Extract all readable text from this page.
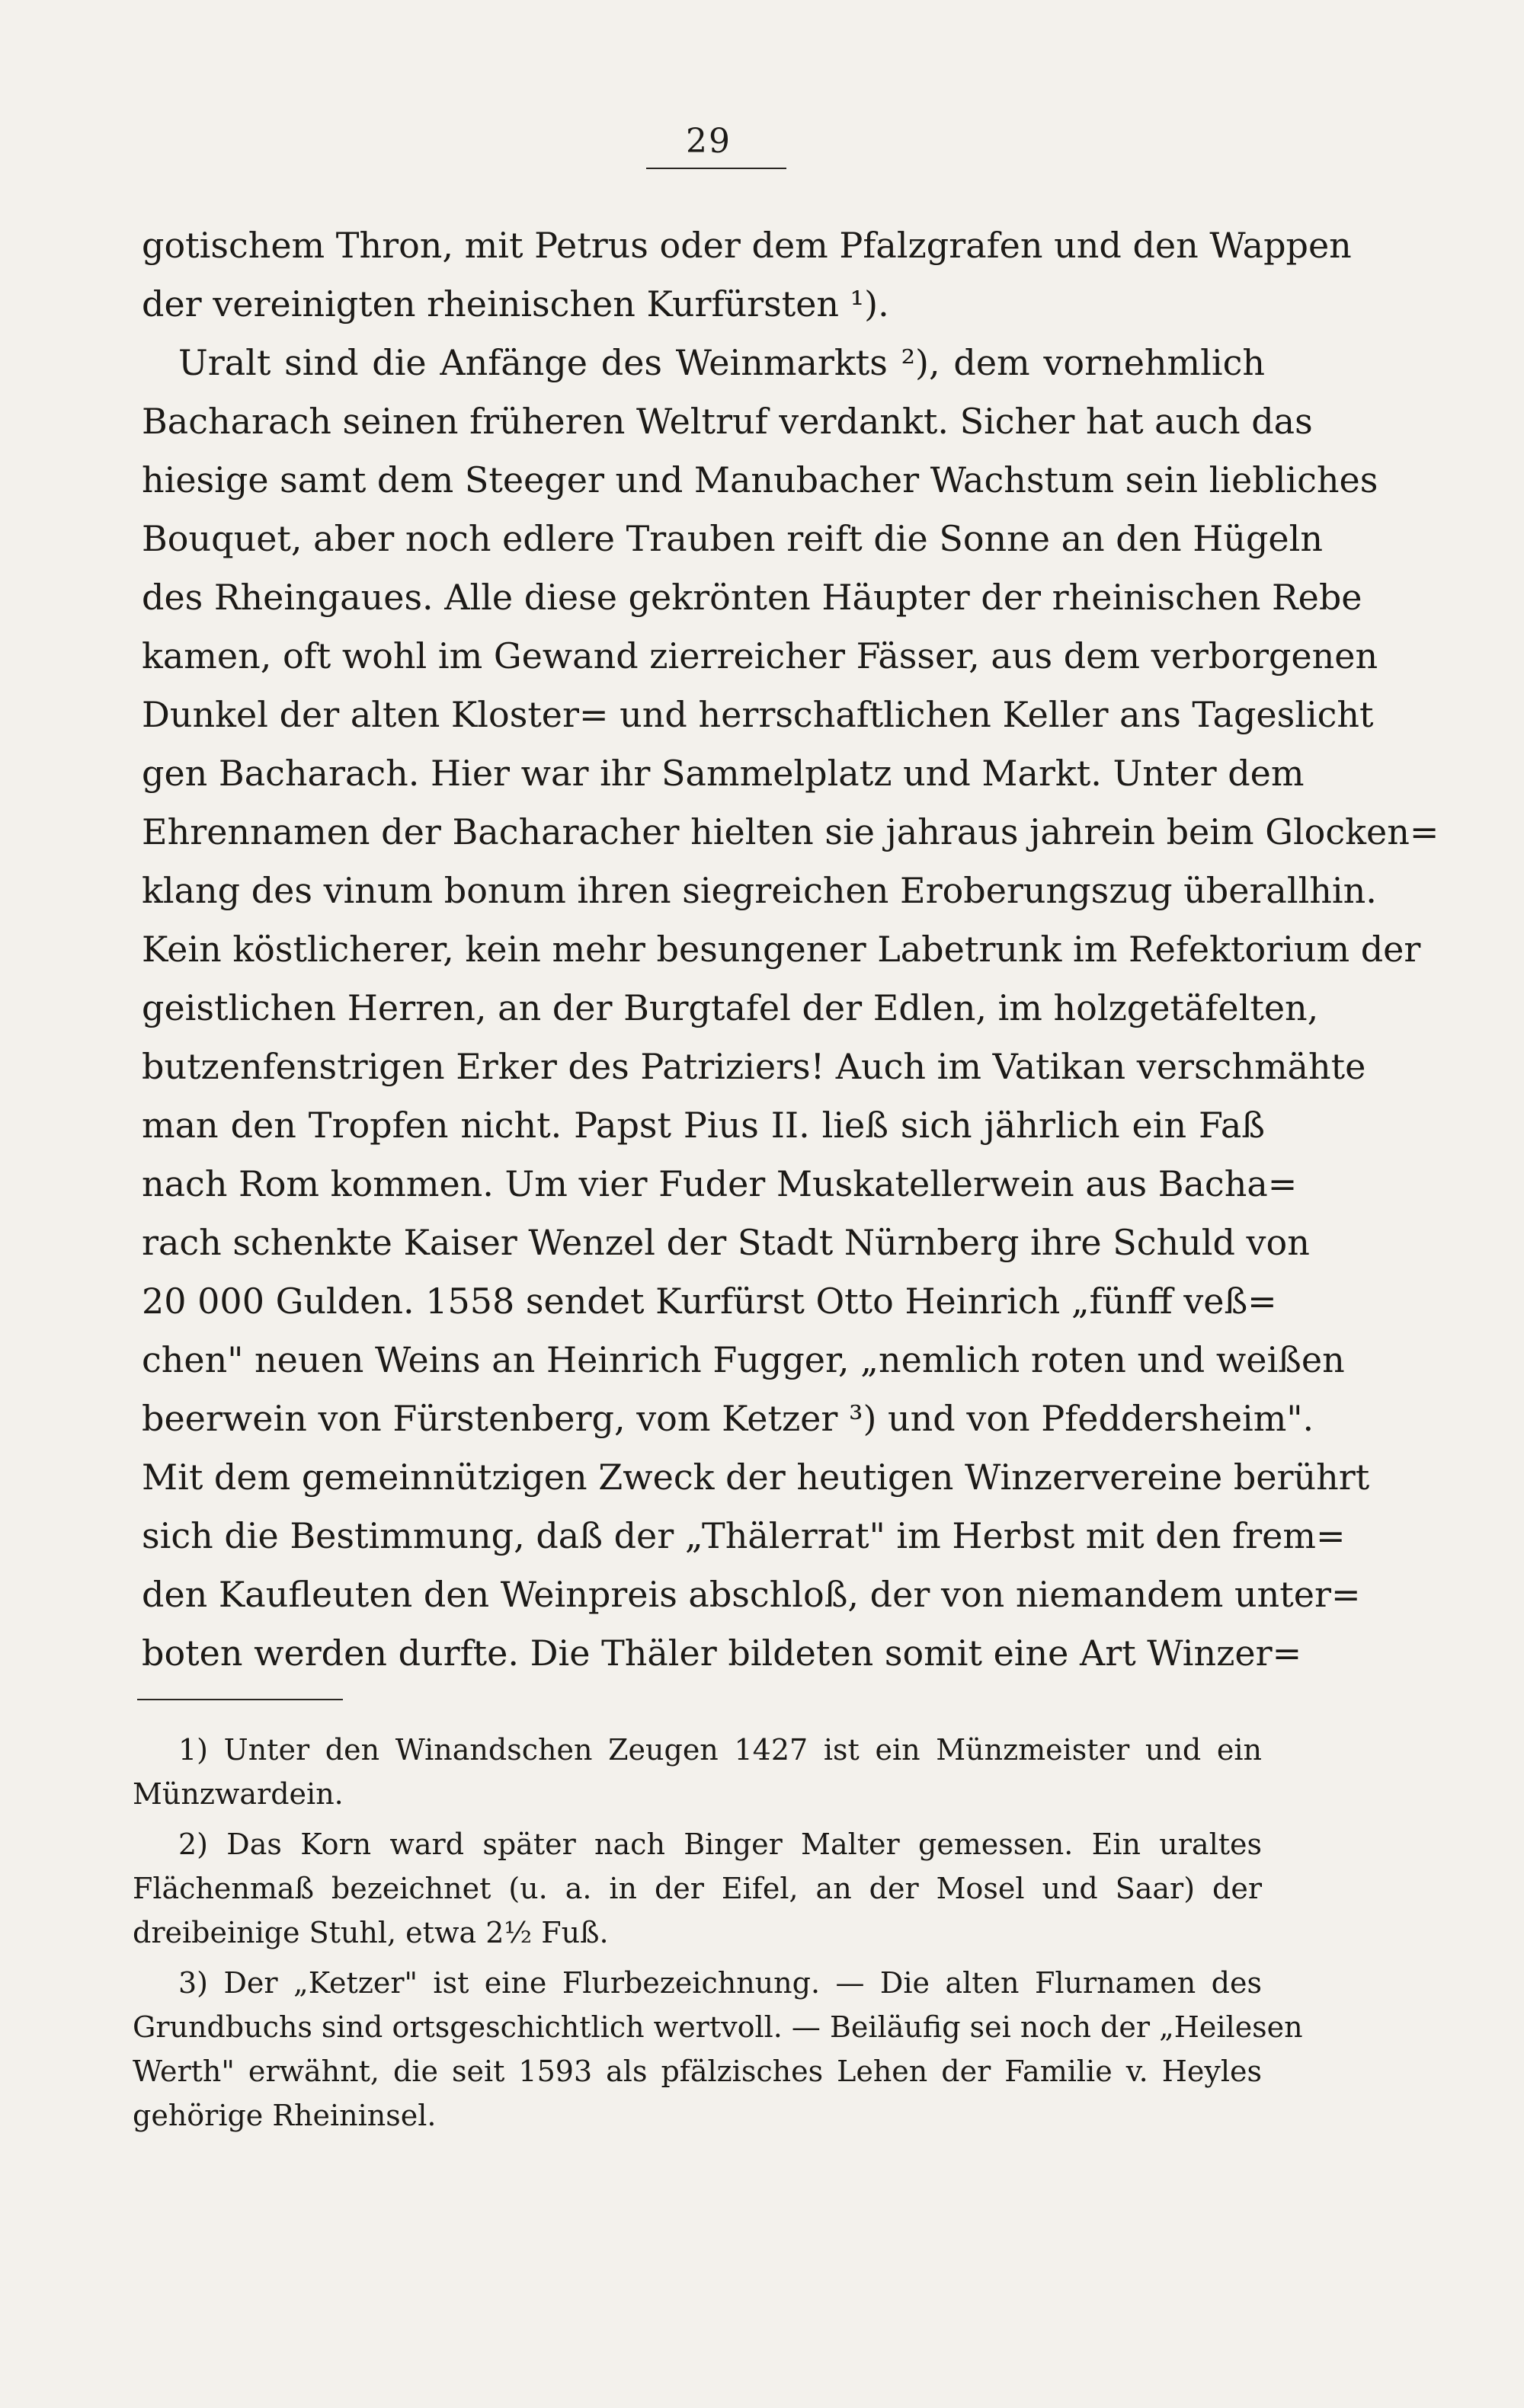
29
gotischem Thron, mit Petrus oder dem Pfalzgrafen und den Wappen
der vereinigten rheinischen Kurfürsten ¹).
Uralt sind die Anfänge des Weinmarkts ²), dem vornehmlich
Bacharach seinen früheren Weltruf verdankt. Sicher hat auch das
hiesige samt dem Steeger und Manubacher Wachstum sein liebliches
Bouquet, aber noch edlere Trauben reift die Sonne an den Hügeln
des Rheingaues. Alle diese gekrönten Häupter der rheinischen Rebe
kamen, oft wohl im Gewand zierreicher Fässer, aus dem verborgenen
Dunkel der alten Kloster= und herrschaftlichen Keller ans Tageslicht
gen Bacharach. Hier war ihr Sammelplatz und Markt. Unter dem
Ehrennamen der Bacharacher hielten sie jahraus jahrein beim Glocken=
klang des vinum bonum ihren siegreichen Eroberungszug überallhin.
Kein köstlicherer, kein mehr besungener Labetrunk im Refektorium der
geistlichen Herren, an der Burgtafel der Edlen, im holzgetäfelten,
butzenfenstrigen Erker des Patriziers! Auch im Vatikan verschmähte
man den Tropfen nicht. Papst Pius II. ließ sich jährlich ein Faß
nach Rom kommen. Um vier Fuder Muskatellerwein aus Bacha=
rach schenkte Kaiser Wenzel der Stadt Nürnberg ihre Schuld von
20 000 Gulden. 1558 sendet Kurfürst Otto Heinrich „fünff veß=
chen" neuen Weins an Heinrich Fugger, „nemlich roten und weißen
beerwein von Fürstenberg, vom Ketzer ³) und von Pfeddersheim".
Mit dem gemeinnützigen Zweck der heutigen Winzervereine berührt
sich die Bestimmung, daß der „Thälerrat" im Herbst mit den frem=
den Kaufleuten den Weinpreis abschloß, der von niemandem unter=
boten werden durfte. Die Thäler bildeten somit eine Art Winzer=
1) Unter den Winandschen Zeugen 1427 ist ein Münzmeister und ein
Münzwardein.
2) Das Korn ward später nach Binger Malter gemessen. Ein uraltes
Flächenmaß bezeichnet (u. a. in der Eifel, an der Mosel und Saar) der
dreibeinige Stuhl, etwa 2½ Fuß.
3) Der „Ketzer" ist eine Flurbezeichnung. — Die alten Flurnamen des
Grundbuchs sind ortsgeschichtlich wertvoll. — Beiläufig sei noch der „Heilesen
Werth" erwähnt, die seit 1593 als pfälzisches Lehen der Familie v. Heyles
gehörige Rheininsel.
